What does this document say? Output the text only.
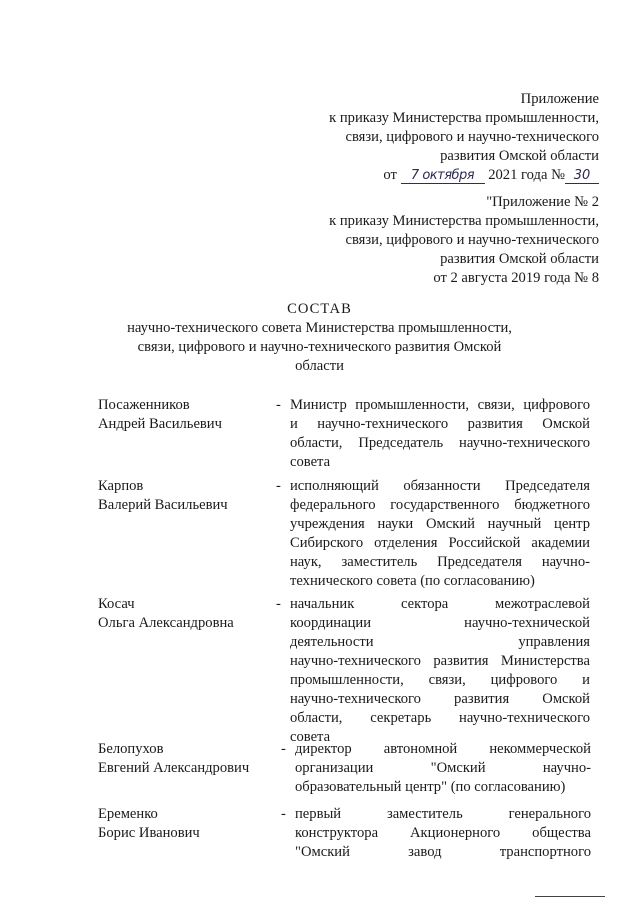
Приложение
к приказу Министерства промышленности,
связи, цифрового и научно-технического
развития Омской области
от 7 октября 2021 года № 30
"Приложение № 2
к приказу Министерства промышленности,
связи, цифрового и научно-технического
развития Омской области
от 2 августа 2019 года № 8
СОСТАВ
научно-технического совета Министерства промышленности,
связи, цифрового и научно-технического развития Омской
области
Посаженников
Андрей Васильевич
- Министр промышленности, связи, цифрового
и научно-технического развития Омской
области, Председатель научно-технического
совета
Карпов
Валерий Васильевич
- исполняющий обязанности Председателя
федерального государственного бюджетного
учреждения науки Омский научный центр
Сибирского отделения Российской академии
наук, заместитель Председателя научно-
технического совета (по согласованию)
Косач
Ольга Александровна
- начальник сектора межотраслевой
координации научно-технической
деятельности управления
научно-технического развития Министерства
промышленности, связи, цифрового и
научно-технического развития Омской
области, секретарь научно-технического
совета
Белопухов
Евгений Александрович
- директор автономной некоммерческой
организации "Омский научно-
образовательный центр" (по согласованию)
Еременко
Борис Иванович
- первый заместитель генерального
конструктора Акционерного общества
"Омский завод транспортного
